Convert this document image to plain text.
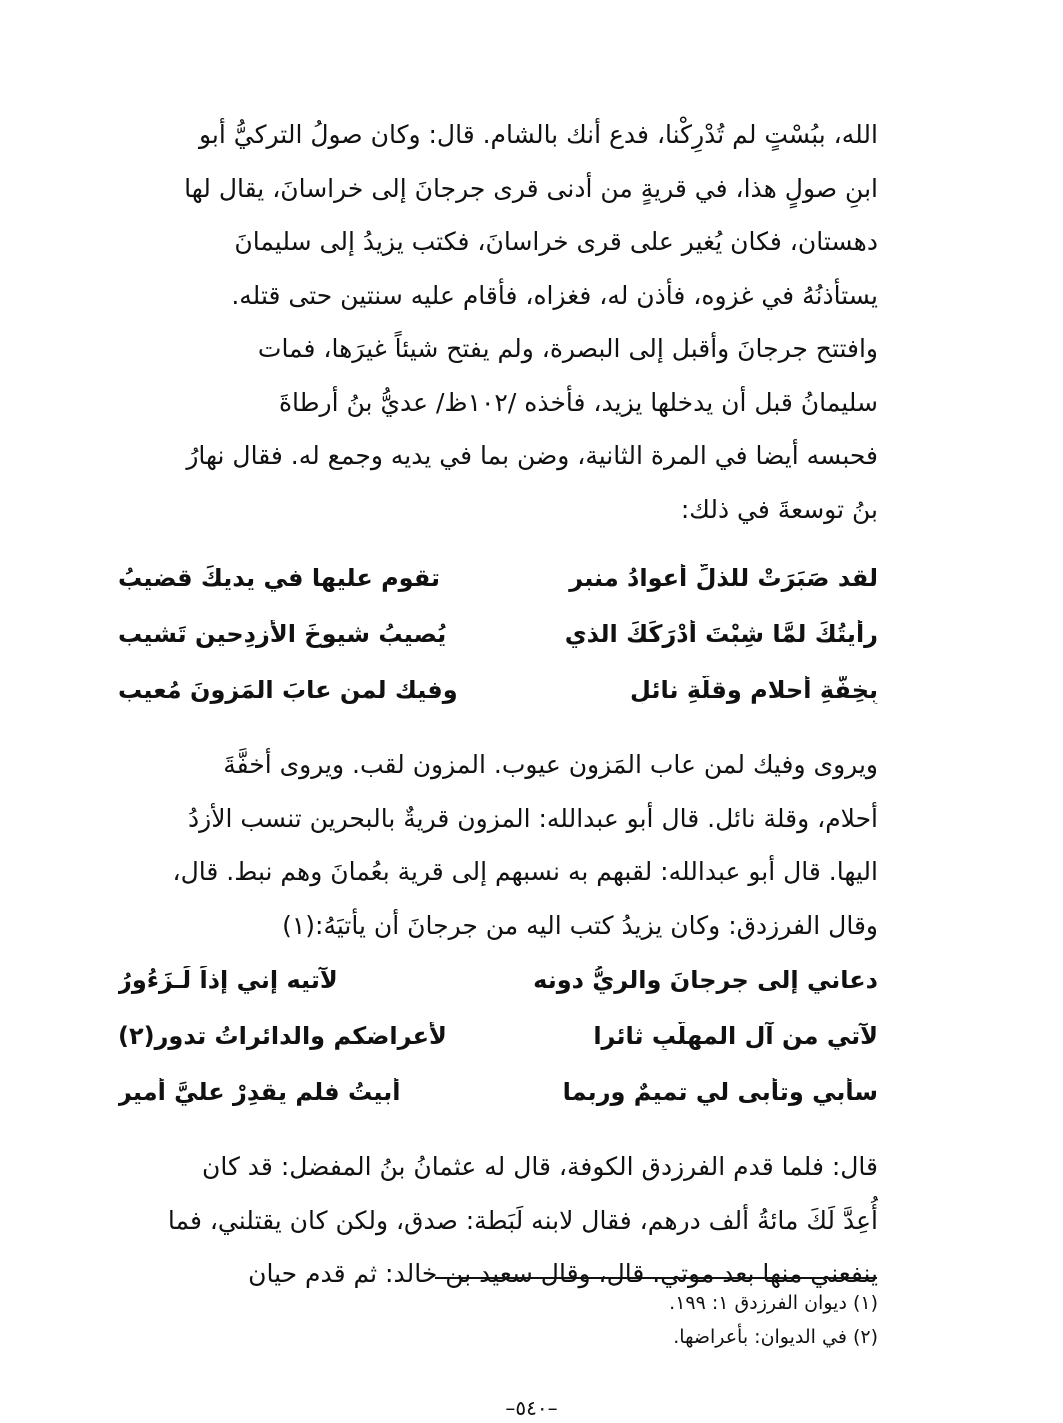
الله، ببُسْتٍ لم تُدْرِكْنا، فدع أنك بالشام. قال: وكان صولُ التركيُّ أبو
ابنِ صولٍ هذا، في قريةٍ من أدنى قرى جرجانَ إلى خراسانَ، يقال لها
دهستان، فكان يُغير على قرى خراسانَ، فكتب يزيدُ إلى سليمانَ
يستأذنُهُ في غزوه، فأذن له، فغزاه، فأقام عليه سنتين حتى قتله.
وافتتح جرجانَ وأقبل إلى البصرة، ولم يفتح شيئاً غيرَها، فمات
سليمانُ قبل أن يدخلها يزيد، فأخذه /١٠٢ظ/ عديُّ بنُ أرطاةَ
فحبسه أيضا في المرة الثانية، وضن بما في يديه وجمع له. فقال نهارُ
بنُ توسعةَ في ذلك:

لقد صَبَرَتْ للذلِّ أعوادُ منبرٍ
تقوم عليها في يديكَ قضيبُ
رأيتُكَ لمَّا شِبْتَ أَدْرَكَكَ الذي
يُصيبُ شيوخَ الأَزدِحين تَشيب
بِخِفَّةِ أحلامٍ وقلَّةِ نائلٍ
وفيك لمن عابَ المَزونَ مُعيب

ويروى وفيك لمن عاب المَزون عيوب. المزون لقب. ويروى أخفَّةَ
أحلام، وقلة نائل. قال أبو عبدالله: المزون قريةٌ بالبحرين تنسب الأزدُ
اليها. قال أبو عبدالله: لقبهم به نسبهم إلى قرية بعُمانَ وهم نبط. قال،
وقال الفرزدق: وكان يزيدُ كتب اليه من جرجانَ أن يأتيَهُ:(١)

دعاني إلى جرجانَ والريُّ دونه
لآتيه إني إذاً لَـزَءُورُ
لآتي من آلِ المهلَّبِ ثائرا
لأعراضكم والدائراتُ تدور(٢)
سأبي وتأبى لي تميمٌ وربما
أبيتُ فلم يقدِرْ عليَّ أمير

قال: فلما قدم الفرزدق الكوفة، قال له عثمانُ بنُ المفضل: قد كان
أُعِدَّ لَكَ مائةُ ألف درهم، فقال لابنه لَبَطة: صدق، ولكن كان يقتلني، فما
ينفعني منها بعد موتي. قال، وقال سعيد بن خالد: ثم قدم حيان

(١) ديوان الفرزدق ١: ١٩٩.
(٢) في الديوان: بأعراضها.
–٥٤٠–
